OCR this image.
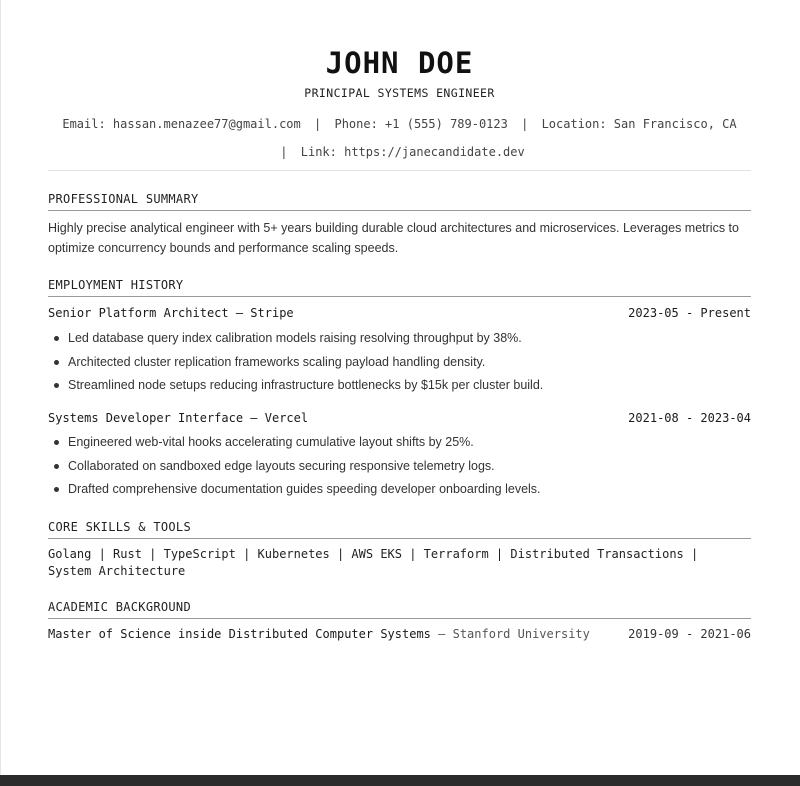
JOHN DOE
PRINCIPAL SYSTEMS ENGINEER
Email: hassan.menazee77@gmail.com | Phone: +1 (555) 789-0123 | Location: San Francisco, CA
| Link: https://janecandidate.dev
PROFESSIONAL SUMMARY
Highly precise analytical engineer with 5+ years building durable cloud architectures and microservices. Leverages metrics to optimize concurrency bounds and performance scaling speeds.
EMPLOYMENT HISTORY
Senior Platform Architect — Stripe	2023-05 - Present
Led database query index calibration models raising resolving throughput by 38%.
Architected cluster replication frameworks scaling payload handling density.
Streamlined node setups reducing infrastructure bottlenecks by $15k per cluster build.
Systems Developer Interface — Vercel	2021-08 - 2023-04
Engineered web-vital hooks accelerating cumulative layout shifts by 25%.
Collaborated on sandboxed edge layouts securing responsive telemetry logs.
Drafted comprehensive documentation guides speeding developer onboarding levels.
CORE SKILLS & TOOLS
Golang | Rust | TypeScript | Kubernetes | AWS EKS | Terraform | Distributed Transactions | System Architecture
ACADEMIC BACKGROUND
Master of Science inside Distributed Computer Systems — Stanford University	2019-09 - 2021-06
